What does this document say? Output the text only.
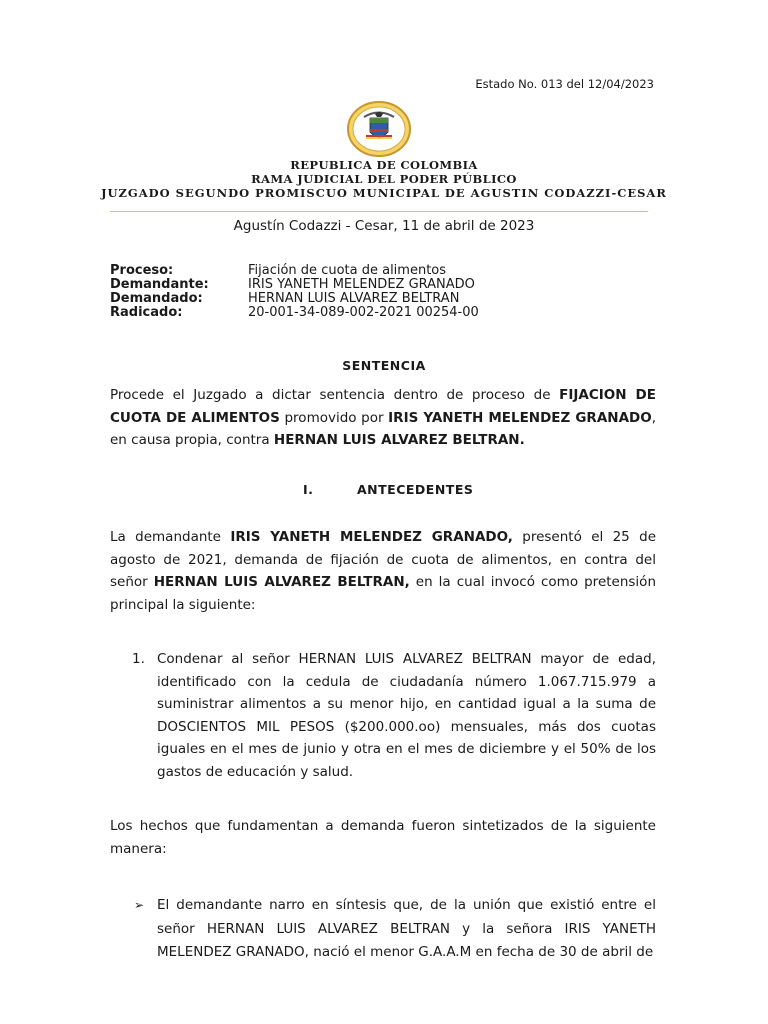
Estado No. 013 del 12/04/2023
REPUBLICA DE COLOMBIA
RAMA JUDICIAL DEL PODER PÚBLICO
JUZGADO SEGUNDO PROMISCUO MUNICIPAL DE AGUSTIN CODAZZI-CESAR
Agustín Codazzi - Cesar, 11 de abril de 2023
Proceso:	Fijación de cuota de alimentos
Demandante:	IRIS YANETH MELENDEZ GRANADO
Demandado:	HERNAN LUIS ALVAREZ BELTRAN
Radicado:	20-001-34-089-002-2021 00254-00
SENTENCIA
Procede el Juzgado a dictar sentencia dentro de proceso de FIJACION DE CUOTA DE ALIMENTOS promovido por IRIS YANETH MELENDEZ GRANADO, en causa propia, contra HERNAN LUIS ALVAREZ BELTRAN.
I.	ANTECEDENTES
La demandante IRIS YANETH MELENDEZ GRANADO, presentó el 25 de agosto de 2021, demanda de fijación de cuota de alimentos, en contra del señor HERNAN LUIS ALVAREZ BELTRAN, en la cual invocó como pretensión principal la siguiente:
1. Condenar al señor HERNAN LUIS ALVAREZ BELTRAN mayor de edad, identificado con la cedula de ciudadanía número 1.067.715.979 a suministrar alimentos a su menor hijo, en cantidad igual a la suma de DOSCIENTOS MIL PESOS ($200.000.oo) mensuales, más dos cuotas iguales en el mes de junio y otra en el mes de diciembre y el 50% de los gastos de educación y salud.
Los hechos que fundamentan a demanda fueron sintetizados de la siguiente manera:
➢ El demandante narro en síntesis que, de la unión que existió entre el señor HERNAN LUIS ALVAREZ BELTRAN y la señora IRIS YANETH MELENDEZ GRANADO, nació el menor G.A.A.M en fecha de 30 de abril de
